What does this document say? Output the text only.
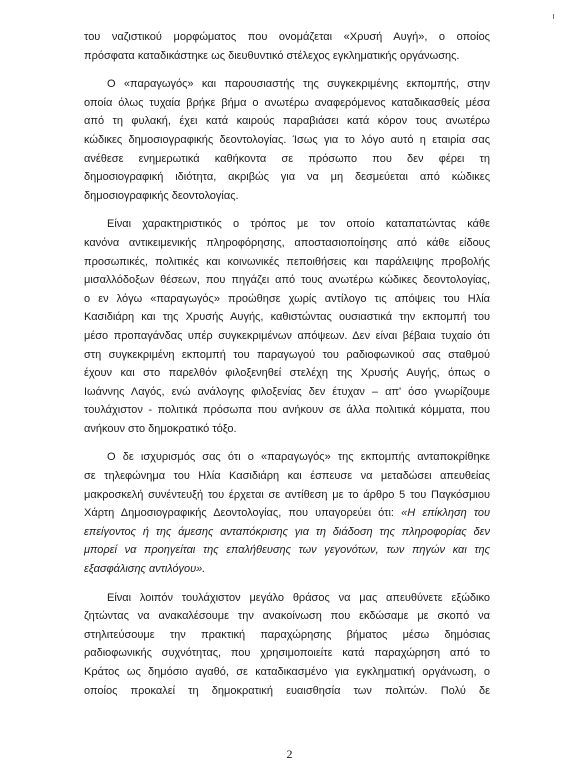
του ναζιστικού μορφώματος που ονομάζεται «Χρυσή Αυγή», ο οποίος
πρόσφατα καταδικάστηκε ως διευθυντικό στέλεχος εγκληματικής οργάνωσης.
Ο «παραγωγός» και παρουσιαστής της συγκεκριμένης εκπομπής, στην
οποία όλως τυχαία βρήκε βήμα ο ανωτέρω αναφερόμενος καταδικασθείς μέσα
από τη φυλακή, έχει κατά καιρούς παραβιάσει κατά κόρον τους ανωτέρω
κώδικες δημοσιογραφικής δεοντολογίας. Ίσως για το λόγο αυτό η εταιρία σας
ανέθεσε ενημερωτικά καθήκοντα σε πρόσωπο που δεν φέρει τη
δημοσιογραφική ιδιότητα, ακριβώς για να μη δεσμεύεται από κώδικες
δημοσιογραφικής δεοντολογίας.
Είναι χαρακτηριστικός ο τρόπος με τον οποίο καταπατώντας κάθε
κανόνα αντικειμενικής πληροφόρησης, αποστασιοποίησης από κάθε είδους
προσωπικές, πολιτικές και κοινωνικές πεποιθήσεις και παράλειψης προβολής
μισαλλόδοξων θέσεων, που πηγάζει από τους ανωτέρω κώδικες δεοντολογίας,
ο εν λόγω «παραγωγός» προώθησε χωρίς αντίλογο τις απόψεις του Ηλία
Κασιδιάρη και της Χρυσής Αυγής, καθιστώντας ουσιαστικά την εκπομπή του
μέσο προπαγάνδας υπέρ συγκεκριμένων απόψεων. Δεν είναι βέβαια τυχαίο ότι
στη συγκεκριμένη εκπομπή του παραγωγού του ραδιοφωνικού σας σταθμού
έχουν και στο παρελθόν φιλοξενηθεί στελέχη της Χρυσής Αυγής, όπως ο
Ιωάννης Λαγός, ενώ ανάλογης φιλοξενίας δεν έτυχαν – απ' όσο γνωρίζουμε
τουλάχιστον - πολιτικά πρόσωπα που ανήκουν σε άλλα πολιτικά κόμματα, που
ανήκουν στο δημοκρατικό τόξο.
Ο δε ισχυρισμός σας ότι ο «παραγωγός» της εκπομπής ανταποκρίθηκε
σε τηλεφώνημα του Ηλία Κασιδιάρη και έσπευσε να μεταδώσει απευθείας
μακροσκελή συνέντευξή του έρχεται σε αντίθεση με το άρθρο 5 του Παγκόσμιου
Χάρτη Δημοσιογραφικής Δεοντολογίας, που υπαγορεύει ότι: «Η επίκληση του
επείγοντος ή της άμεσης ανταπόκρισης για τη διάδοση της πληροφορίας δεν
μπορεί να προηγείται της επαλήθευσης των γεγονότων, των πηγών και της
εξασφάλισης αντιλόγου».
Είναι λοιπόν τουλάχιστον μεγάλο θράσος να μας απευθύνετε εξώδικο
ζητώντας να ανακαλέσουμε την ανακοίνωση που εκδώσαμε με σκοπό να
στηλιτεύσουμε την πρακτική παραχώρησης βήματος μέσω δημόσιας
ραδιοφωνικής συχνότητας, που χρησιμοποιείτε κατά παραχώρηση από το
Κράτος ως δημόσιο αγαθό, σε καταδικασμένο για εγκληματική οργάνωση, ο
οποίος προκαλεί τη δημοκρατική ευαισθησία των πολιτών. Πολύ δε
2
